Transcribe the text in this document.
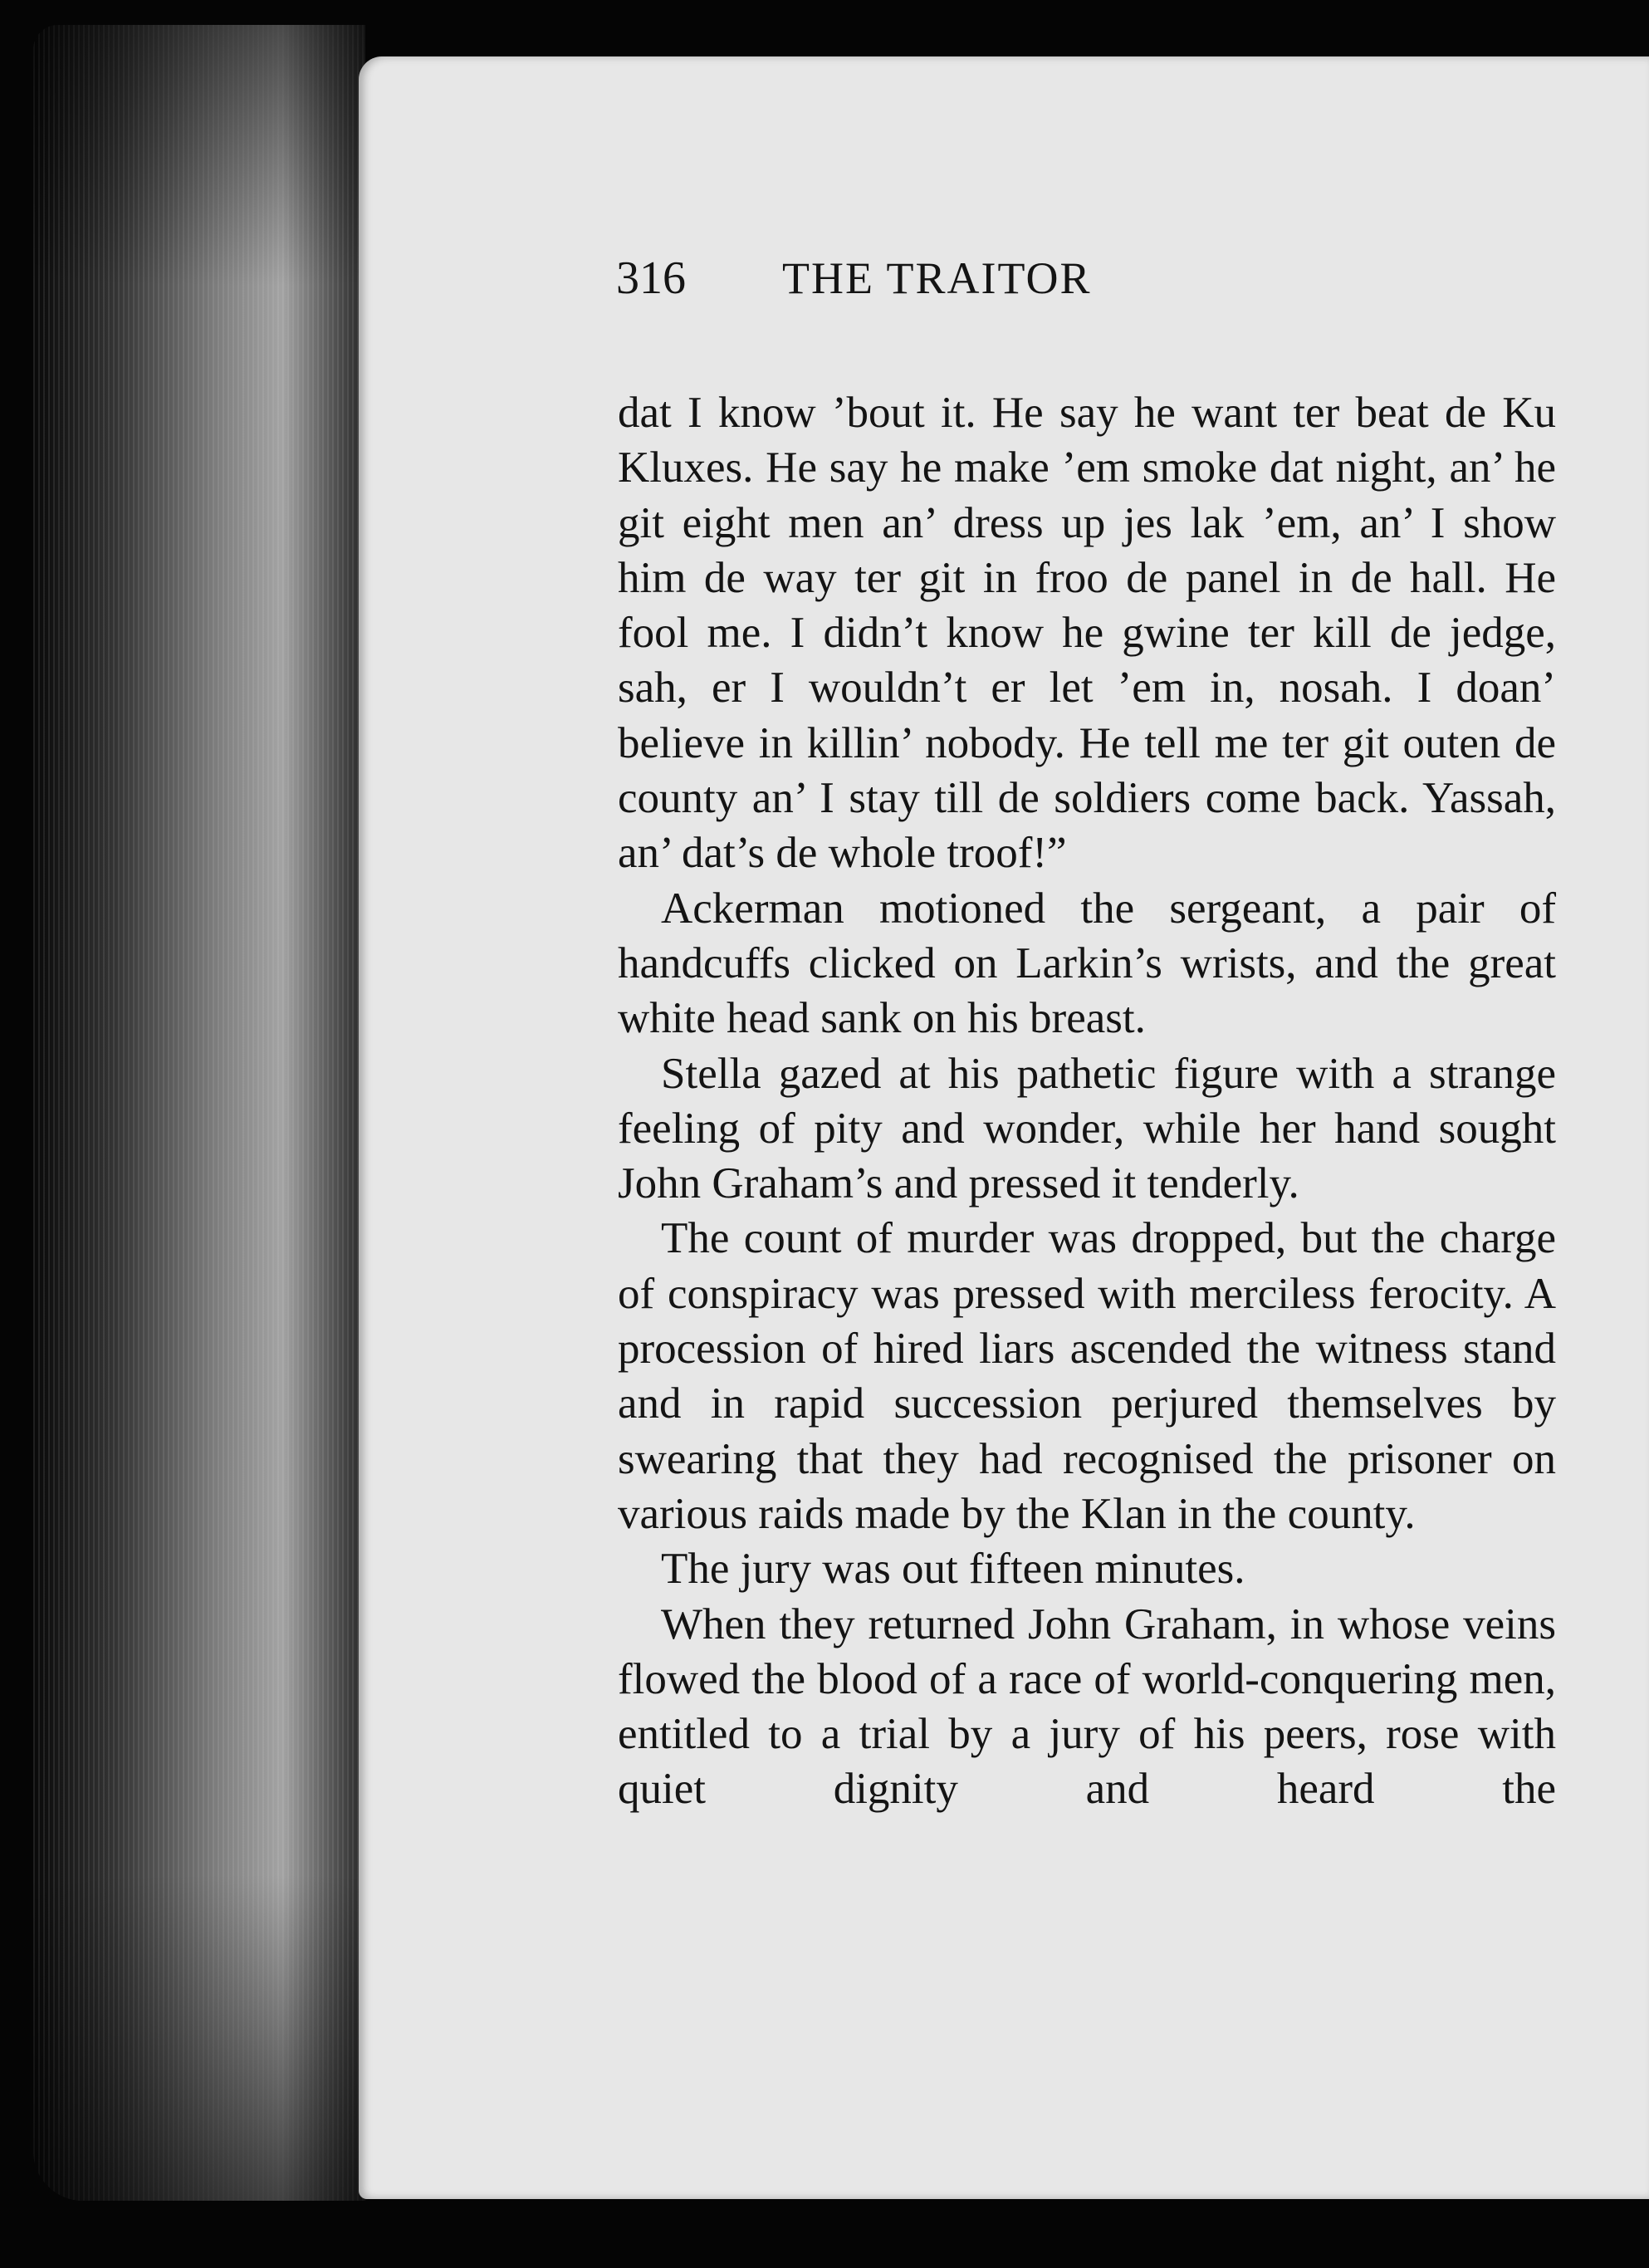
316 THE TRAITOR

dat I know ’bout it. He say he want ter beat de Ku Kluxes. He say he make ’em smoke dat night, an’ he git eight men an’ dress up jes lak ’em, an’ I show him de way ter git in froo de panel in de hall. He fool me. I didn’t know he gwine ter kill de jedge, sah, er I wouldn’t er let ’em in, nosah. I doan’ believe in killin’ nobody. He tell me ter git outen de county an’ I stay till de soldiers come back. Yassah, an’ dat’s de whole troof!”

Ackerman motioned the sergeant, a pair of handcuffs clicked on Larkin’s wrists, and the great white head sank on his breast.

Stella gazed at his pathetic figure with a strange feeling of pity and wonder, while her hand sought John Graham’s and pressed it tenderly.

The count of murder was dropped, but the charge of conspiracy was pressed with merciless ferocity. A procession of hired liars ascended the witness stand and in rapid succession perjured themselves by swearing that they had recognised the prisoner on various raids made by the Klan in the county.

The jury was out fifteen minutes.

When they returned John Graham, in whose veins flowed the blood of a race of world-conquering men, entitled to a trial by a jury of his peers, rose with quiet dignity and heard the
